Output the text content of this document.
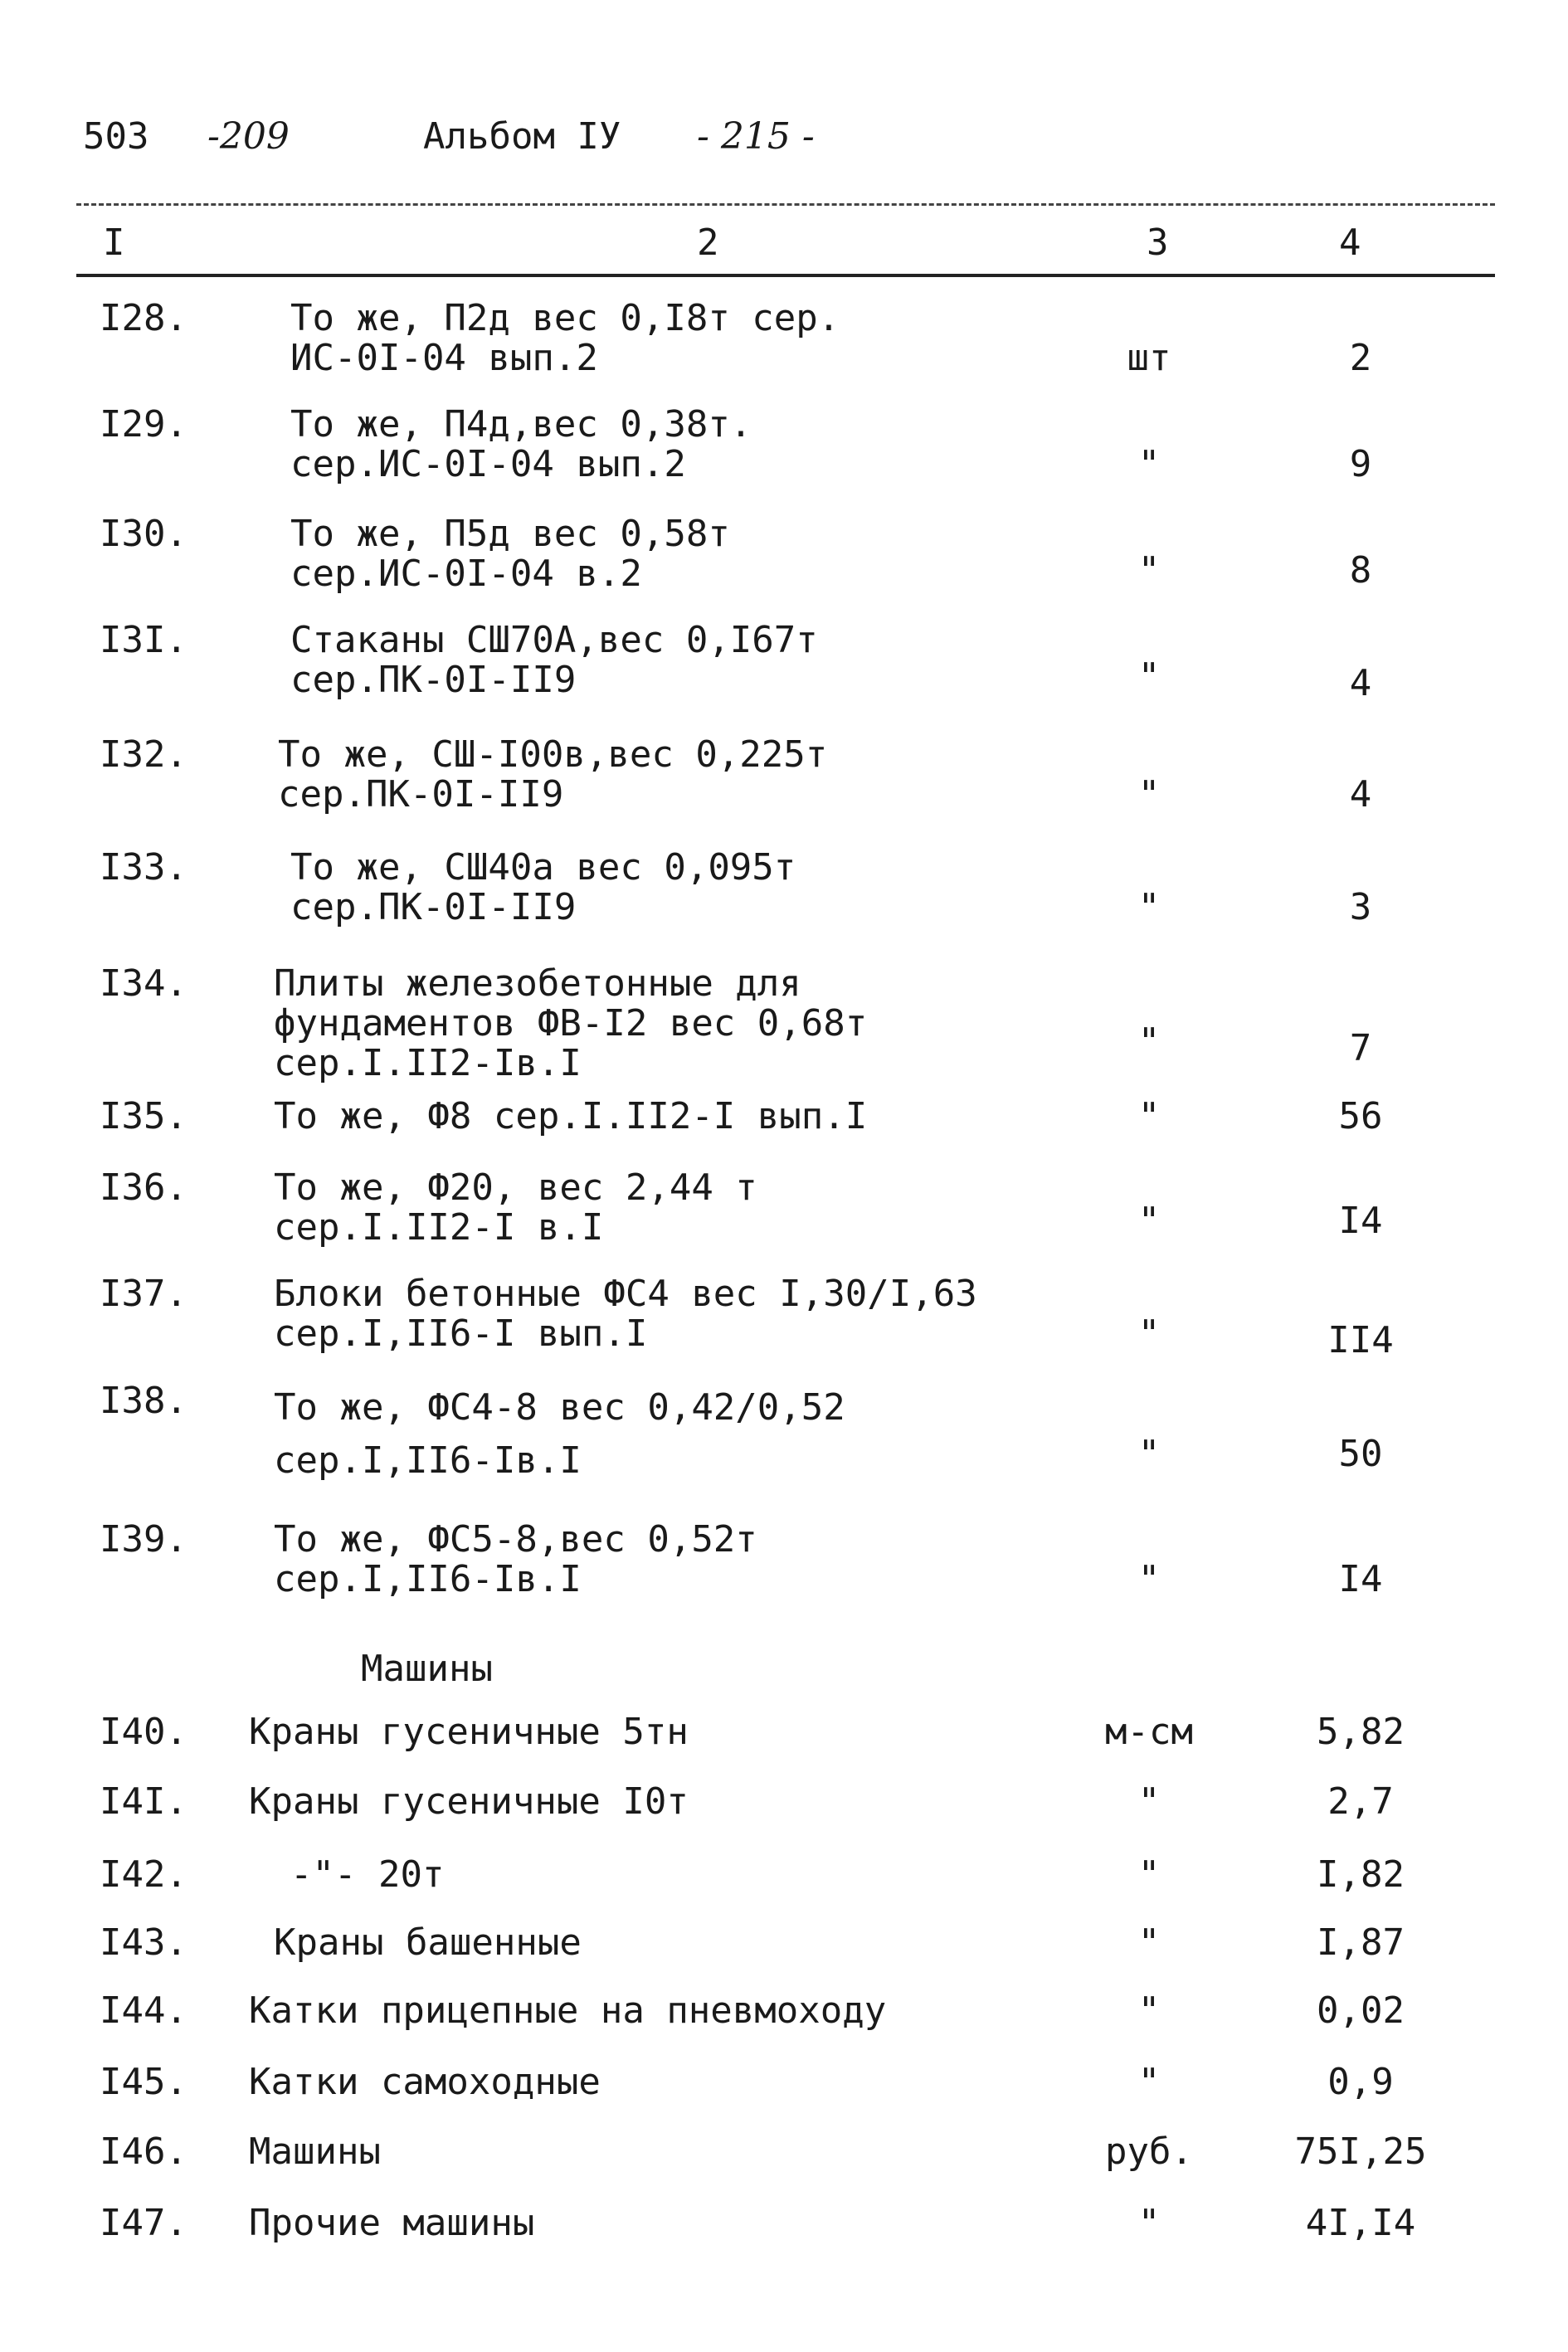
503 -209	Альбом IУ - 215 -
I	2	3	4
Машины
I28.	То же, П2д вес 0,I8т сер.
ИС-0I-04 вып.2	шт	2
I29.	То же, П4д,вес 0,38т.
сер.ИС-0I-04 вып.2	"	9
I30.	То же, П5д вес 0,58т
сер.ИС-0I-04 в.2	"	8
I3I.	Стаканы СШ70А,вес 0,I67т
сер.ПК-0I-II9	"	4
I32. То же, СШ-I00в,вес 0,225т
сер.ПК-0I-II9	"	4
I33.	То же, СШ40а вес 0,095т
сер.ПК-0I-II9	"	3
I34. Плиты железобетонные для
фундаментов ФВ-I2 вес 0,68т
сер.I.II2-Iв.I
"	7
I35. То же, Ф8 сер.I.II2-I вып.I	"	56
I36. То же, Ф20, вес 2,44 т
сер.I.II2-I в.I	"	I4
I37. Блоки бетонные ФС4 вес I,30/I,63
сер.I,II6-I вып.I	"	II4
I38. То же, ФС4-8 вес 0,42/0,52
сер.I,II6-Iв.I	"	50
I39. То же, ФС5-8,вес 0,52т
сер.I,II6-Iв.I	"	I4
I40. Краны гусеничные 5тн	м-см	5,82
I4I. Краны гусеничные I0т	"	2,7
I42.	-"- 20т	"	I,82
I43. Краны башенные	"	I,87
I44. Катки прицепные на пневмоходу	"	0,02
I45. Катки самоходные	"	0,9
I46. Машины	руб.	75I,25
I47. Прочие машины	"	4I,I4
